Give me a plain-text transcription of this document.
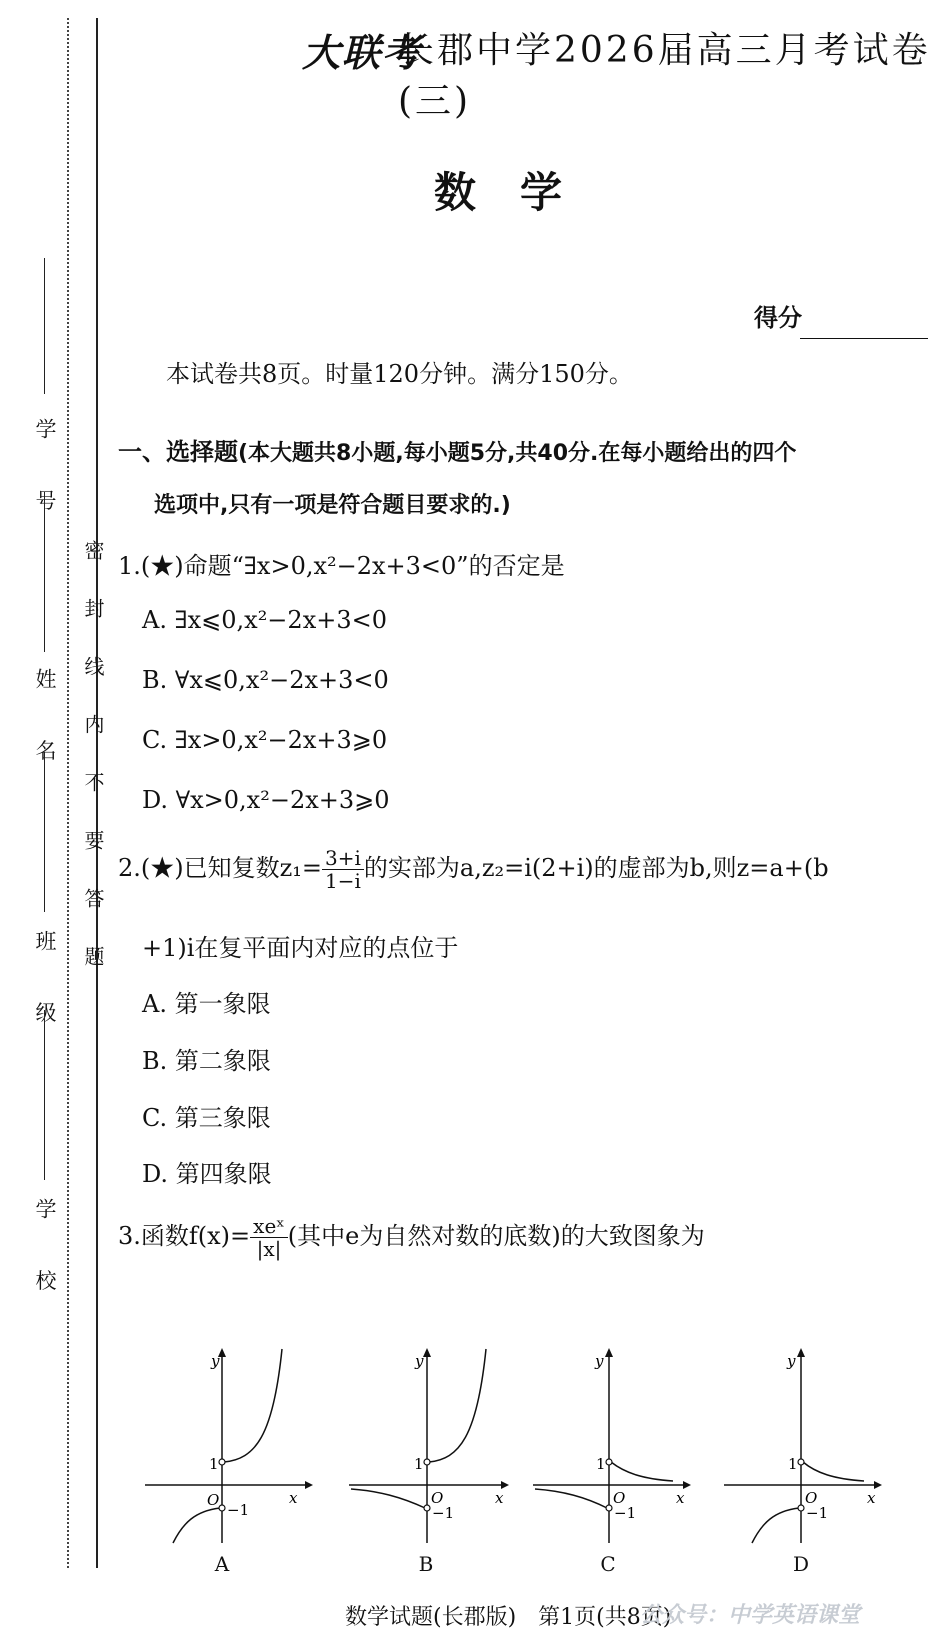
学 号
姓 名
班 级
学 校
密封线内不要答题
大联考
长郡中学2026届高三月考试卷(三)
数学
得分
本试卷共8页。时量120分钟。满分150分。
一、选择题(本大题共8小题,每小题5分,共40分.在每小题给出的四个
选项中,只有一项是符合题目要求的.)
1.(★)命题“∃x>0,x²−2x+3<0”的否定是
A. ∃x⩽0,x²−2x+3<0
B. ∀x⩽0,x²−2x+3<0
C. ∃x>0,x²−2x+3⩾0
D. ∀x>0,x²−2x+3⩾0
2.(★)已知复数$z_1= \frac{3+i}{1-i}$ 的实部为a,z₂=i(2+i)的虚部为b,则z=a+(b
+1)i在复平面内对应的点位于
A. 第一象限
B. 第二象限
C. 第三象限
D. 第四象限
3.函数$f(x)= \frac{\text{xeˣ}}{|x|}$ (其中e为自然对数的底数)的大致图象为
y
1
O
−1
x
A
y
1
O
−1
x
B
y
1
O
−1
x
C
y
1
O
−1
x
D
数学试题(长郡版)　第1页(共8页)
公众号：中学英语课堂
